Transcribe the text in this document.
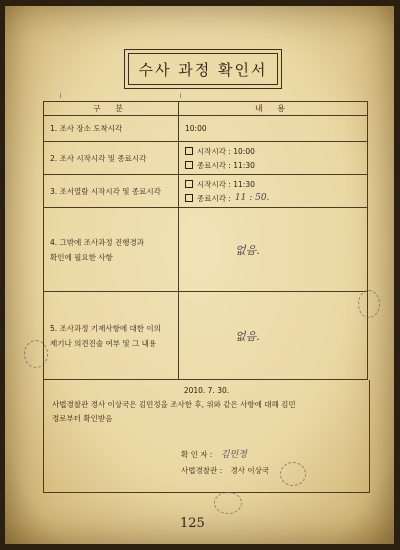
수사 과정 확인서
구 분	내 용
1. 조사 장소 도착시각	10:00
2. 조사 시작시각 및 종료시각	시작시각 : 10:00
종료시각 : 11:30

3. 조서열람 시작시각 및 종료시각	시작시각 : 11:30
종료시각 : 11 : 50.

4. 그밖에 조사과정 진행경과
확인에 필요한 사항	없음.

5. 조사과정 기재사항에 대한 이의
제기나 의견진술 여부 및 그 내용	없음.
2010. 7. 30.
사법경찰관 경사 이상국은 김민정을 조사한 후, 위와 같은 사항에 대해 김민
정로부터 확인받음
확 인 자 : 김민정
사법경찰관 : 경사 이상국
╷	╷
125
